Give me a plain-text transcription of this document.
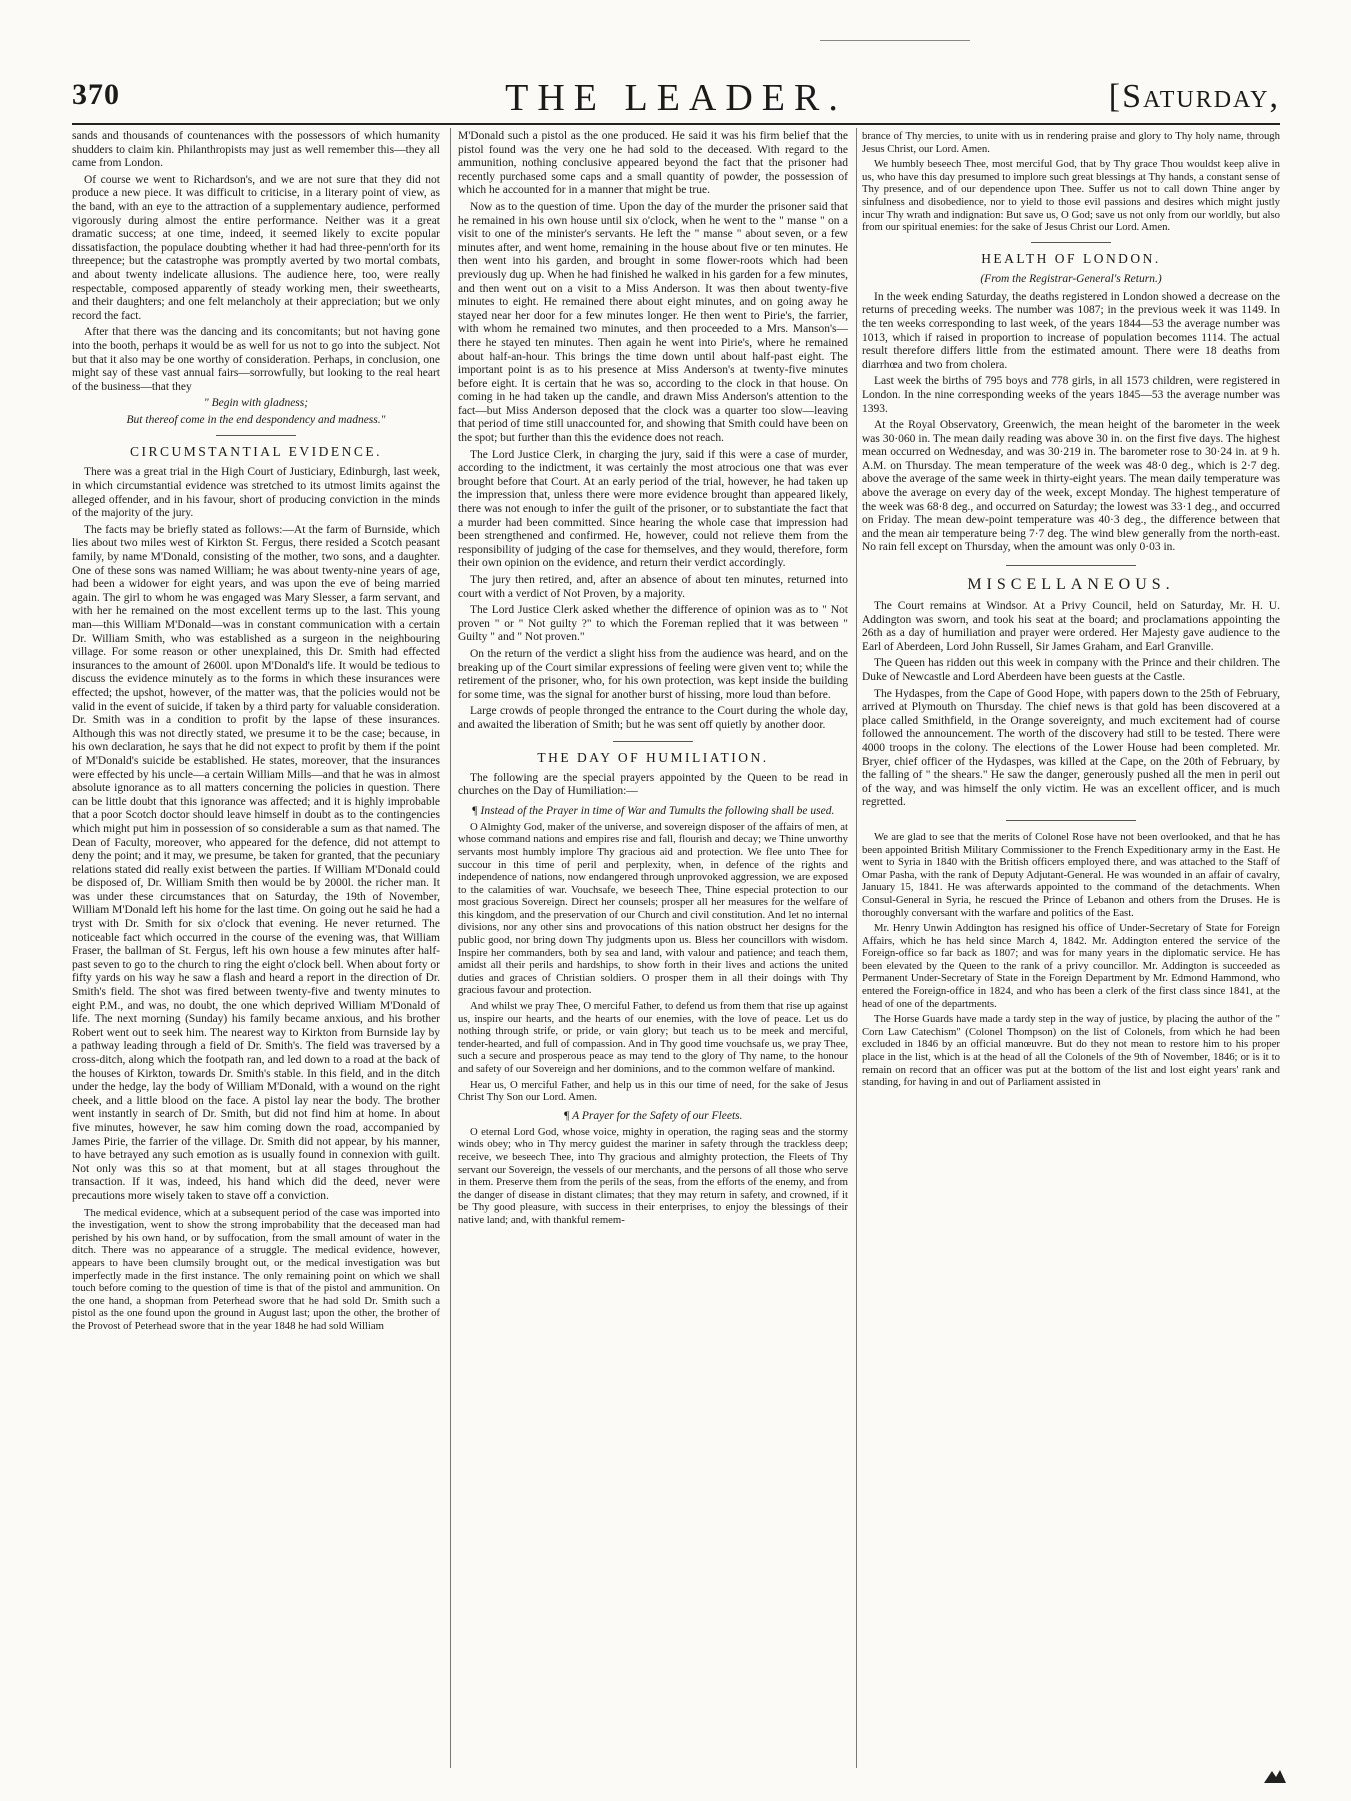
370	THE LEADER.	[Saturday,

sands and thousands of countenances with the possessors of which humanity shudders to claim kin. Philanthropists may just as well remember this—they all came from London.

Of course we went to Richardson's, and we are not sure that they did not produce a new piece. It was difficult to criticise, in a literary point of view, as the band, with an eye to the attraction of a supplementary audience, performed vigorously during almost the entire performance. Neither was it a great dramatic success; at one time, indeed, it seemed likely to excite popular dissatisfaction, the populace doubting whether it had had three-penn'orth for its threepence; but the catastrophe was promptly averted by two mortal combats, and about twenty indelicate allusions. The audience here, too, were really respectable, composed apparently of steady working men, their sweethearts, and their daughters; and one felt melancholy at their appreciation; but we only record the fact.

After that there was the dancing and its concomitants; but not having gone into the booth, perhaps it would be as well for us not to go into the subject. Not but that it also may be one worthy of consideration. Perhaps, in conclusion, one might say of these vast annual fairs—sorrowfully, but looking to the real heart of the business—that they

" Begin with gladness;

But thereof come in the end despondency and madness."

CIRCUMSTANTIAL EVIDENCE.

There was a great trial in the High Court of Justiciary, Edinburgh, last week, in which circumstantial evidence was stretched to its utmost limits against the alleged offender, and in his favour, short of producing conviction in the minds of the majority of the jury.

The facts may be briefly stated as follows:—At the farm of Burnside, which lies about two miles west of Kirkton St. Fergus, there resided a Scotch peasant family, by name M'Donald, consisting of the mother, two sons, and a daughter. One of these sons was named William; he was about twenty-nine years of age, had been a widower for eight years, and was upon the eve of being married again. The girl to whom he was engaged was Mary Slesser, a farm servant, and with her he remained on the most excellent terms up to the last. This young man—this William M'Donald—was in constant communication with a certain Dr. William Smith, who was established as a surgeon in the neighbouring village. For some reason or other unexplained, this Dr. Smith had effected insurances to the amount of 2600l. upon M'Donald's life. It would be tedious to discuss the evidence minutely as to the forms in which these insurances were effected; the upshot, however, of the matter was, that the policies would not be valid in the event of suicide, if taken by a third party for valuable consideration. Dr. Smith was in a condition to profit by the lapse of these insurances. Although this was not directly stated, we presume it to be the case; because, in his own declaration, he says that he did not expect to profit by them if the point of M'Donald's suicide be established. He states, moreover, that the insurances were effected by his uncle—a certain William Mills—and that he was in almost absolute ignorance as to all matters concerning the policies in question. There can be little doubt that this ignorance was affected; and it is highly improbable that a poor Scotch doctor should leave himself in doubt as to the contingencies which might put him in possession of so considerable a sum as that named. The Dean of Faculty, moreover, who appeared for the defence, did not attempt to deny the point; and it may, we presume, be taken for granted, that the pecuniary relations stated did really exist between the parties. If William M'Donald could be disposed of, Dr. William Smith then would be by 2000l. the richer man. It was under these circumstances that on Saturday, the 19th of November, William M'Donald left his home for the last time. On going out he said he had a tryst with Dr. Smith for six o'clock that evening. He never returned. The noticeable fact which occurred in the course of the evening was, that William Fraser, the ballman of St. Fergus, left his own house a few minutes after half-past seven to go to the church to ring the eight o'clock bell. When about forty or fifty yards on his way he saw a flash and heard a report in the direction of Dr. Smith's field. The shot was fired between twenty-five and twenty minutes to eight P.M., and was, no doubt, the one which deprived William M'Donald of life. The next morning (Sunday) his family became anxious, and his brother Robert went out to seek him. The nearest way to Kirkton from Burnside lay by a pathway leading through a field of Dr. Smith's. The field was traversed by a cross-ditch, along which the footpath ran, and led down to a road at the back of the houses of Kirkton, towards Dr. Smith's stable. In this field, and in the ditch under the hedge, lay the body of William M'Donald, with a wound on the right cheek, and a little blood on the face. A pistol lay near the body. The brother went instantly in search of Dr. Smith, but did not find him at home. In about five minutes, however, he saw him coming down the road, accompanied by James Pirie, the farrier of the village. Dr. Smith did not appear, by his manner, to have betrayed any such emotion as is usually found in connexion with guilt. Not only was this so at that moment, but at all stages throughout the transaction. If it was, indeed, his hand which did the deed, never were precautions more wisely taken to stave off a conviction.

The medical evidence, which at a subsequent period of the case was imported into the investigation, went to show the strong improbability that the deceased man had perished by his own hand, or by suffocation, from the small amount of water in the ditch. There was no appearance of a struggle. The medical evidence, however, appears to have been clumsily brought out, or the medical investigation was but imperfectly made in the first instance. The only remaining point on which we shall touch before coming to the question of time is that of the pistol and ammunition. On the one hand, a shopman from Peterhead swore that he had sold Dr. Smith such a pistol as the one found upon the ground in August last; upon the other, the brother of the Provost of Peterhead swore that in the year 1848 he had sold William

M'Donald such a pistol as the one produced. He said it was his firm belief that the pistol found was the very one he had sold to the deceased. With regard to the ammunition, nothing conclusive appeared beyond the fact that the prisoner had recently purchased some caps and a small quantity of powder, the possession of which he accounted for in a manner that might be true.

Now as to the question of time. Upon the day of the murder the prisoner said that he remained in his own house until six o'clock, when he went to the " manse " on a visit to one of the minister's servants. He left the " manse " about seven, or a few minutes after, and went home, remaining in the house about five or ten minutes. He then went into his garden, and brought in some flower-roots which had been previously dug up. When he had finished he walked in his garden for a few minutes, and then went out on a visit to a Miss Anderson. It was then about twenty-five minutes to eight. He remained there about eight minutes, and on going away he stayed near her door for a few minutes longer. He then went to Pirie's, the farrier, with whom he remained two minutes, and then proceeded to a Mrs. Manson's—there he stayed ten minutes. Then again he went into Pirie's, where he remained about half-an-hour. This brings the time down until about half-past eight. The important point is as to his presence at Miss Anderson's at twenty-five minutes before eight. It is certain that he was so, according to the clock in that house. On coming in he had taken up the candle, and drawn Miss Anderson's attention to the fact—but Miss Anderson deposed that the clock was a quarter too slow—leaving that period of time still unaccounted for, and showing that Smith could have been on the spot; but further than this the evidence does not reach.

The Lord Justice Clerk, in charging the jury, said if this were a case of murder, according to the indictment, it was certainly the most atrocious one that was ever brought before that Court. At an early period of the trial, however, he had taken up the impression that, unless there were more evidence brought than appeared likely, there was not enough to infer the guilt of the prisoner, or to substantiate the fact that a murder had been committed. Since hearing the whole case that impression had been strengthened and confirmed. He, however, could not relieve them from the responsibility of judging of the case for themselves, and they would, therefore, form their own opinion on the evidence, and return their verdict accordingly.

The jury then retired, and, after an absence of about ten minutes, returned into court with a verdict of Not Proven, by a majority.

The Lord Justice Clerk asked whether the difference of opinion was as to " Not proven " or " Not guilty ?" to which the Foreman replied that it was between " Guilty " and " Not proven."

On the return of the verdict a slight hiss from the audience was heard, and on the breaking up of the Court similar expressions of feeling were given vent to; while the retirement of the prisoner, who, for his own protection, was kept inside the building for some time, was the signal for another burst of hissing, more loud than before.

Large crowds of people thronged the entrance to the Court during the whole day, and awaited the liberation of Smith; but he was sent off quietly by another door.

THE DAY OF HUMILIATION.

The following are the special prayers appointed by the Queen to be read in churches on the Day of Humiliation:—

¶ Instead of the Prayer in time of War and Tumults the following shall be used.

O Almighty God, maker of the universe, and sovereign disposer of the affairs of men, at whose command nations and empires rise and fall, flourish and decay; we Thine unworthy servants most humbly implore Thy gracious aid and protection. We flee unto Thee for succour in this time of peril and perplexity, when, in defence of the rights and independence of nations, now endangered through unprovoked aggression, we are exposed to the calamities of war. Vouchsafe, we beseech Thee, Thine especial protection to our most gracious Sovereign. Direct her counsels; prosper all her measures for the welfare of this kingdom, and the preservation of our Church and civil constitution. And let no internal divisions, nor any other sins and provocations of this nation obstruct her designs for the public good, nor bring down Thy judgments upon us. Bless her councillors with wisdom. Inspire her commanders, both by sea and land, with valour and patience; and teach them, amidst all their perils and hardships, to show forth in their lives and actions the united duties and graces of Christian soldiers. O prosper them in all their doings with Thy gracious favour and protection.

And whilst we pray Thee, O merciful Father, to defend us from them that rise up against us, inspire our hearts, and the hearts of our enemies, with the love of peace. Let us do nothing through strife, or pride, or vain glory; but teach us to be meek and merciful, tender-hearted, and full of compassion. And in Thy good time vouchsafe us, we pray Thee, such a secure and prosperous peace as may tend to the glory of Thy name, to the honour and safety of our Sovereign and her dominions, and to the common welfare of mankind.

Hear us, O merciful Father, and help us in this our time of need, for the sake of Jesus Christ Thy Son our Lord. Amen.

¶ A Prayer for the Safety of our Fleets.

O eternal Lord God, whose voice, mighty in operation, the raging seas and the stormy winds obey; who in Thy mercy guidest the mariner in safety through the trackless deep; receive, we beseech Thee, into Thy gracious and almighty protection, the Fleets of Thy servant our Sovereign, the vessels of our merchants, and the persons of all those who serve in them. Preserve them from the perils of the seas, from the efforts of the enemy, and from the danger of disease in distant climates; that they may return in safety, and crowned, if it be Thy good pleasure, with success in their enterprises, to enjoy the blessings of their native land; and, with thankful remem-

brance of Thy mercies, to unite with us in rendering praise and glory to Thy holy name, through Jesus Christ, our Lord. Amen.

We humbly beseech Thee, most merciful God, that by Thy grace Thou wouldst keep alive in us, who have this day presumed to implore such great blessings at Thy hands, a constant sense of Thy presence, and of our dependence upon Thee. Suffer us not to call down Thine anger by sinfulness and disobedience, nor to yield to those evil passions and desires which might justly incur Thy wrath and indignation: But save us, O God; save us not only from our worldly, but also from our spiritual enemies: for the sake of Jesus Christ our Lord. Amen.

HEALTH OF LONDON.
(From the Registrar-General's Return.)

In the week ending Saturday, the deaths registered in London showed a decrease on the returns of preceding weeks. The number was 1087; in the previous week it was 1149. In the ten weeks corresponding to last week, of the years 1844—53 the average number was 1013, which if raised in proportion to increase of population becomes 1114. The actual result therefore differs little from the estimated amount. There were 18 deaths from diarrhœa and two from cholera.

Last week the births of 795 boys and 778 girls, in all 1573 children, were registered in London. In the nine corresponding weeks of the years 1845—53 the average number was 1393.

At the Royal Observatory, Greenwich, the mean height of the barometer in the week was 30·060 in. The mean daily reading was above 30 in. on the first five days. The highest mean occurred on Wednesday, and was 30·219 in. The barometer rose to 30·24 in. at 9 h. A.M. on Thursday. The mean temperature of the week was 48·0 deg., which is 2·7 deg. above the average of the same week in thirty-eight years. The mean daily temperature was above the average on every day of the week, except Monday. The highest temperature of the week was 68·8 deg., and occurred on Saturday; the lowest was 33·1 deg., and occurred on Friday. The mean dew-point temperature was 40·3 deg., the difference between that and the mean air temperature being 7·7 deg. The wind blew generally from the north-east. No rain fell except on Thursday, when the amount was only 0·03 in.

MISCELLANEOUS.

The Court remains at Windsor. At a Privy Council, held on Saturday, Mr. H. U. Addington was sworn, and took his seat at the board; and proclamations appointing the 26th as a day of humiliation and prayer were ordered. Her Majesty gave audience to the Earl of Aberdeen, Lord John Russell, Sir James Graham, and Earl Granville.

The Queen has ridden out this week in company with the Prince and their children. The Duke of Newcastle and Lord Aberdeen have been guests at the Castle.

The Hydaspes, from the Cape of Good Hope, with papers down to the 25th of February, arrived at Plymouth on Thursday. The chief news is that gold has been discovered at a place called Smithfield, in the Orange sovereignty, and much excitement had of course followed the announcement. The worth of the discovery had still to be tested. There were 4000 troops in the colony. The elections of the Lower House had been completed. Mr. Bryer, chief officer of the Hydaspes, was killed at the Cape, on the 20th of February, by the falling of " the shears." He saw the danger, generously pushed all the men in peril out of the way, and was himself the only victim. He was an excellent officer, and is much regretted.

We are glad to see that the merits of Colonel Rose have not been overlooked, and that he has been appointed British Military Commissioner to the French Expeditionary army in the East. He went to Syria in 1840 with the British officers employed there, and was attached to the Staff of Omar Pasha, with the rank of Deputy Adjutant-General. He was wounded in an affair of cavalry, January 15, 1841. He was afterwards appointed to the command of the detachments. When Consul-General in Syria, he rescued the Prince of Lebanon and others from the Druses. He is thoroughly conversant with the warfare and politics of the East.

Mr. Henry Unwin Addington has resigned his office of Under-Secretary of State for Foreign Affairs, which he has held since March 4, 1842. Mr. Addington entered the service of the Foreign-office so far back as 1807; and was for many years in the diplomatic service. He has been elevated by the Queen to the rank of a privy councillor. Mr. Addington is succeeded as Permanent Under-Secretary of State in the Foreign Department by Mr. Edmond Hammond, who entered the Foreign-office in 1824, and who has been a clerk of the first class since 1841, at the head of one of the departments.

The Horse Guards have made a tardy step in the way of justice, by placing the author of the " Corn Law Catechism" (Colonel Thompson) on the list of Colonels, from which he had been excluded in 1846 by an official manœuvre. But do they not mean to restore him to his proper place in the list, which is at the head of all the Colonels of the 9th of November, 1846; or is it to remain on record that an officer was put at the bottom of the list and lost eight years' rank and standing, for having in and out of Parliament assisted in
